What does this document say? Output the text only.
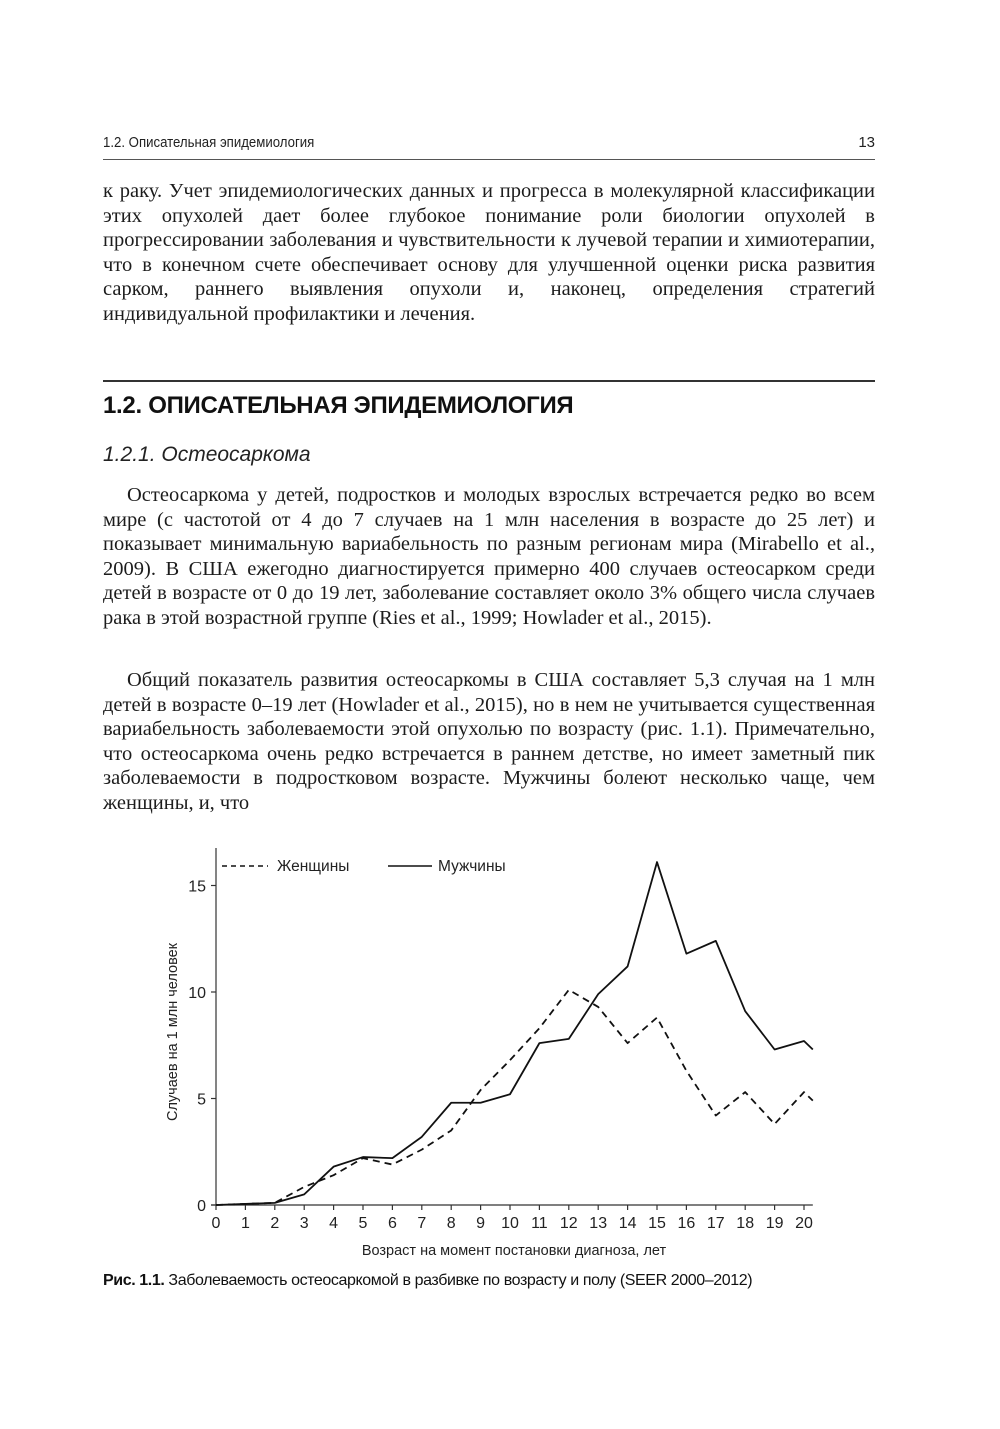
1.2. Описательная эпидемиология	13

к раку. Учет эпидемиологических данных и прогресса в молекулярной классификации этих опухолей дает более глубокое понимание роли биологии опухолей в прогрессировании заболевания и чувствительности к лучевой терапии и химиотерапии, что в конечном счете обеспечивает основу для улучшенной оценки риска развития сарком, раннего выявления опухоли и, наконец, определения стратегий индивидуальной профилактики и лечения.

1.2. ОПИСАТЕЛЬНАЯ ЭПИДЕМИОЛОГИЯ
1.2.1. Остеосаркома

Остеосаркома у детей, подростков и молодых взрослых встречается редко во всем мире (с частотой от 4 до 7 случаев на 1 млн населения в возрасте до 25 лет) и показывает минимальную вариабельность по разным регионам мира (Mirabello et al., 2009). В США ежегодно диагностируется примерно 400 случаев остеосарком среди детей в возрасте от 0 до 19 лет, заболевание составляет около 3% общего числа случаев рака в этой возрастной группе (Ries et al., 1999; Howlader et al., 2015).

Общий показатель развития остеосаркомы в США составляет 5,3 случая на 1 млн детей в возрасте 0–19 лет (Howlader et al., 2015), но в нем не учитывается существенная вариабельность заболеваемости этой опухолью по возрасту (рис. 1.1). Примечательно, что остеосаркома очень редко встречается в раннем детстве, но имеет заметный пик заболеваемости в подростковом возрасте. Мужчины болеют несколько чаще, чем женщины, и, что

0
5
10
15
0 1 2 3 4 5 6 7 8 9 10 11 12 13 14 15 16 17 18 19 20
Женщины	Мужчины
Возраст на момент постановки диагноза, лет
Случаев на 1 млн человек
Рис. 1.1. Заболеваемость остеосаркомой в разбивке по возрасту и полу (SEER 2000–2012)
